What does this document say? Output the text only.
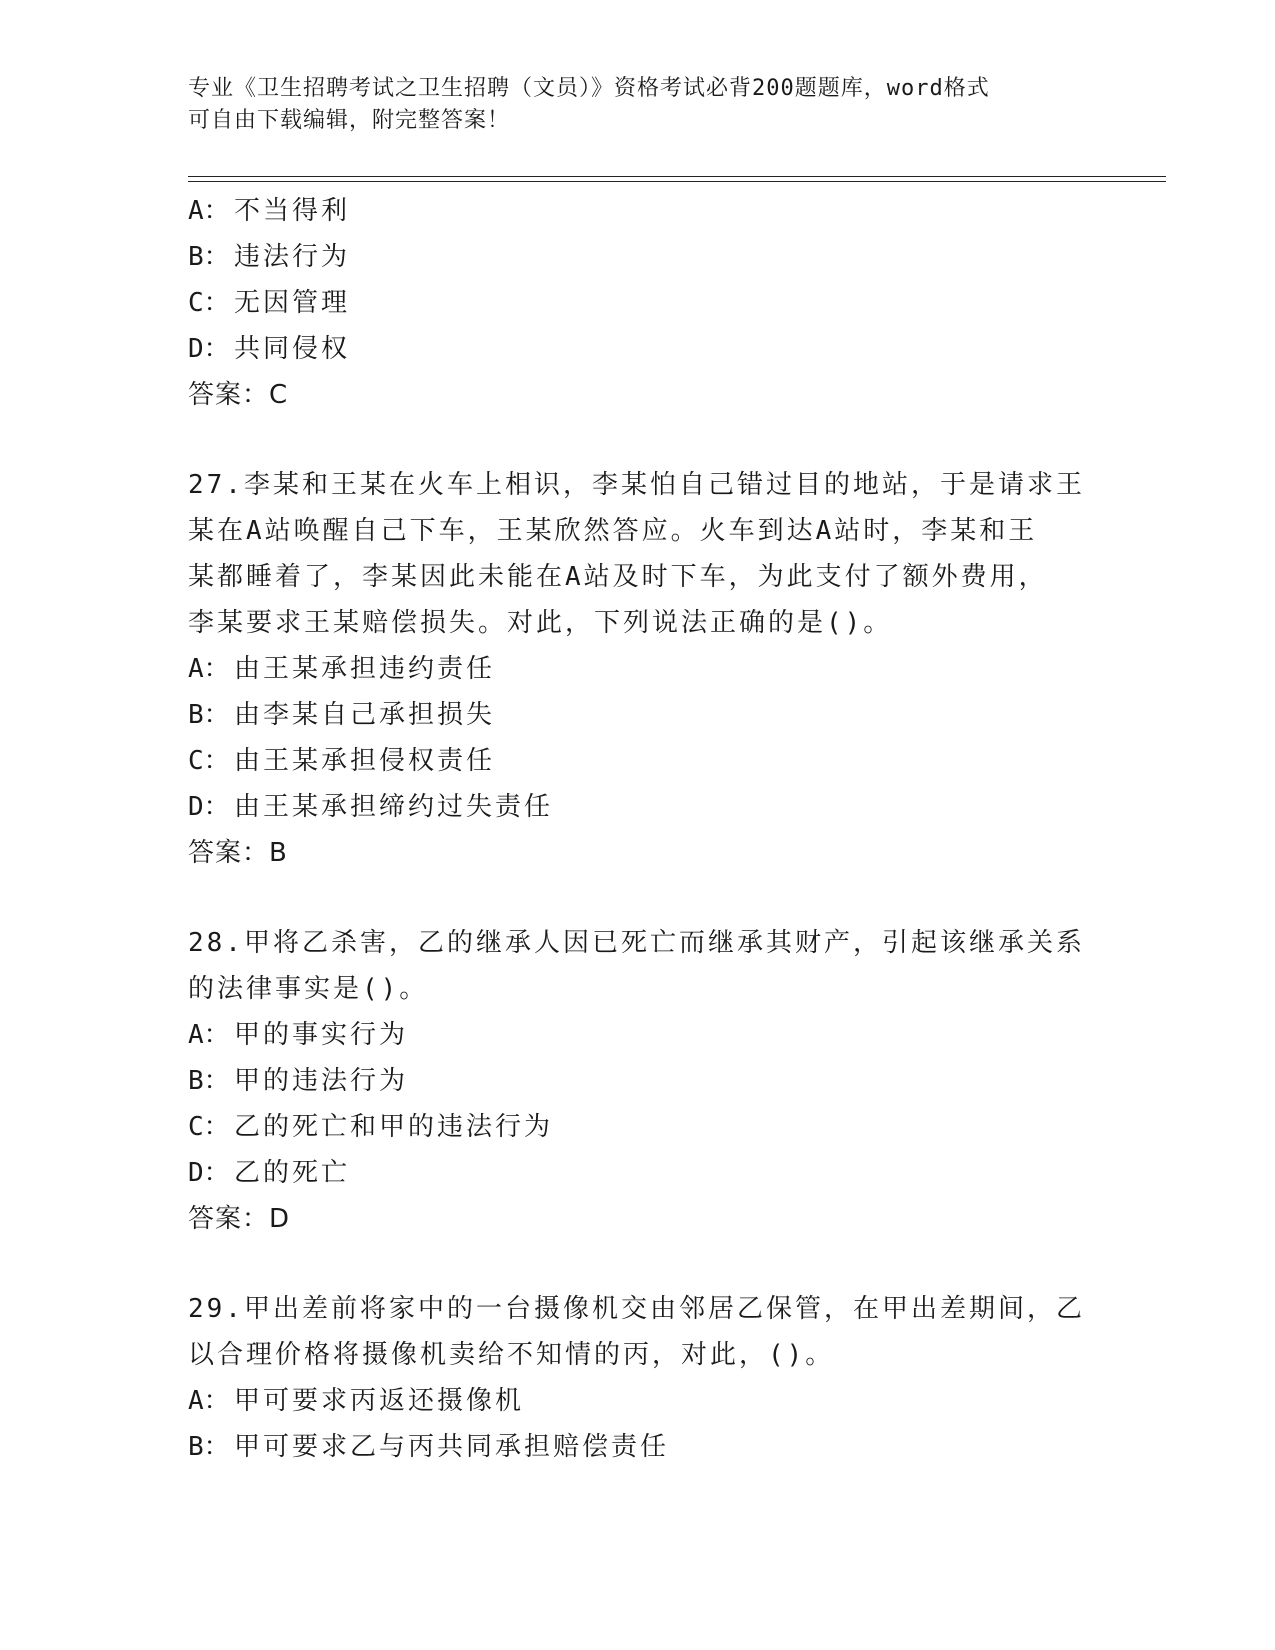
专业《卫生招聘考试之卫生招聘（文员）》资格考试必背200题题库，word格式
可自由下载编辑，附完整答案！
A： 不当得利
B： 违法行为
C： 无因管理
D： 共同侵权
答案：C
27.李某和王某在火车上相识，李某怕自己错过目的地站，于是请求王
某在A站唤醒自己下车，王某欣然答应。火车到达A站时，李某和王
某都睡着了，李某因此未能在A站及时下车，为此支付了额外费用，
李某要求王某赔偿损失。对此，下列说法正确的是()。
A： 由王某承担违约责任
B： 由李某自己承担损失
C： 由王某承担侵权责任
D： 由王某承担缔约过失责任
答案：B
28.甲将乙杀害，乙的继承人因已死亡而继承其财产，引起该继承关系
的法律事实是()。
A： 甲的事实行为
B： 甲的违法行为
C： 乙的死亡和甲的违法行为
D： 乙的死亡
答案：D
29.甲出差前将家中的一台摄像机交由邻居乙保管，在甲出差期间，乙
以合理价格将摄像机卖给不知情的丙，对此，()。
A： 甲可要求丙返还摄像机
B： 甲可要求乙与丙共同承担赔偿责任
